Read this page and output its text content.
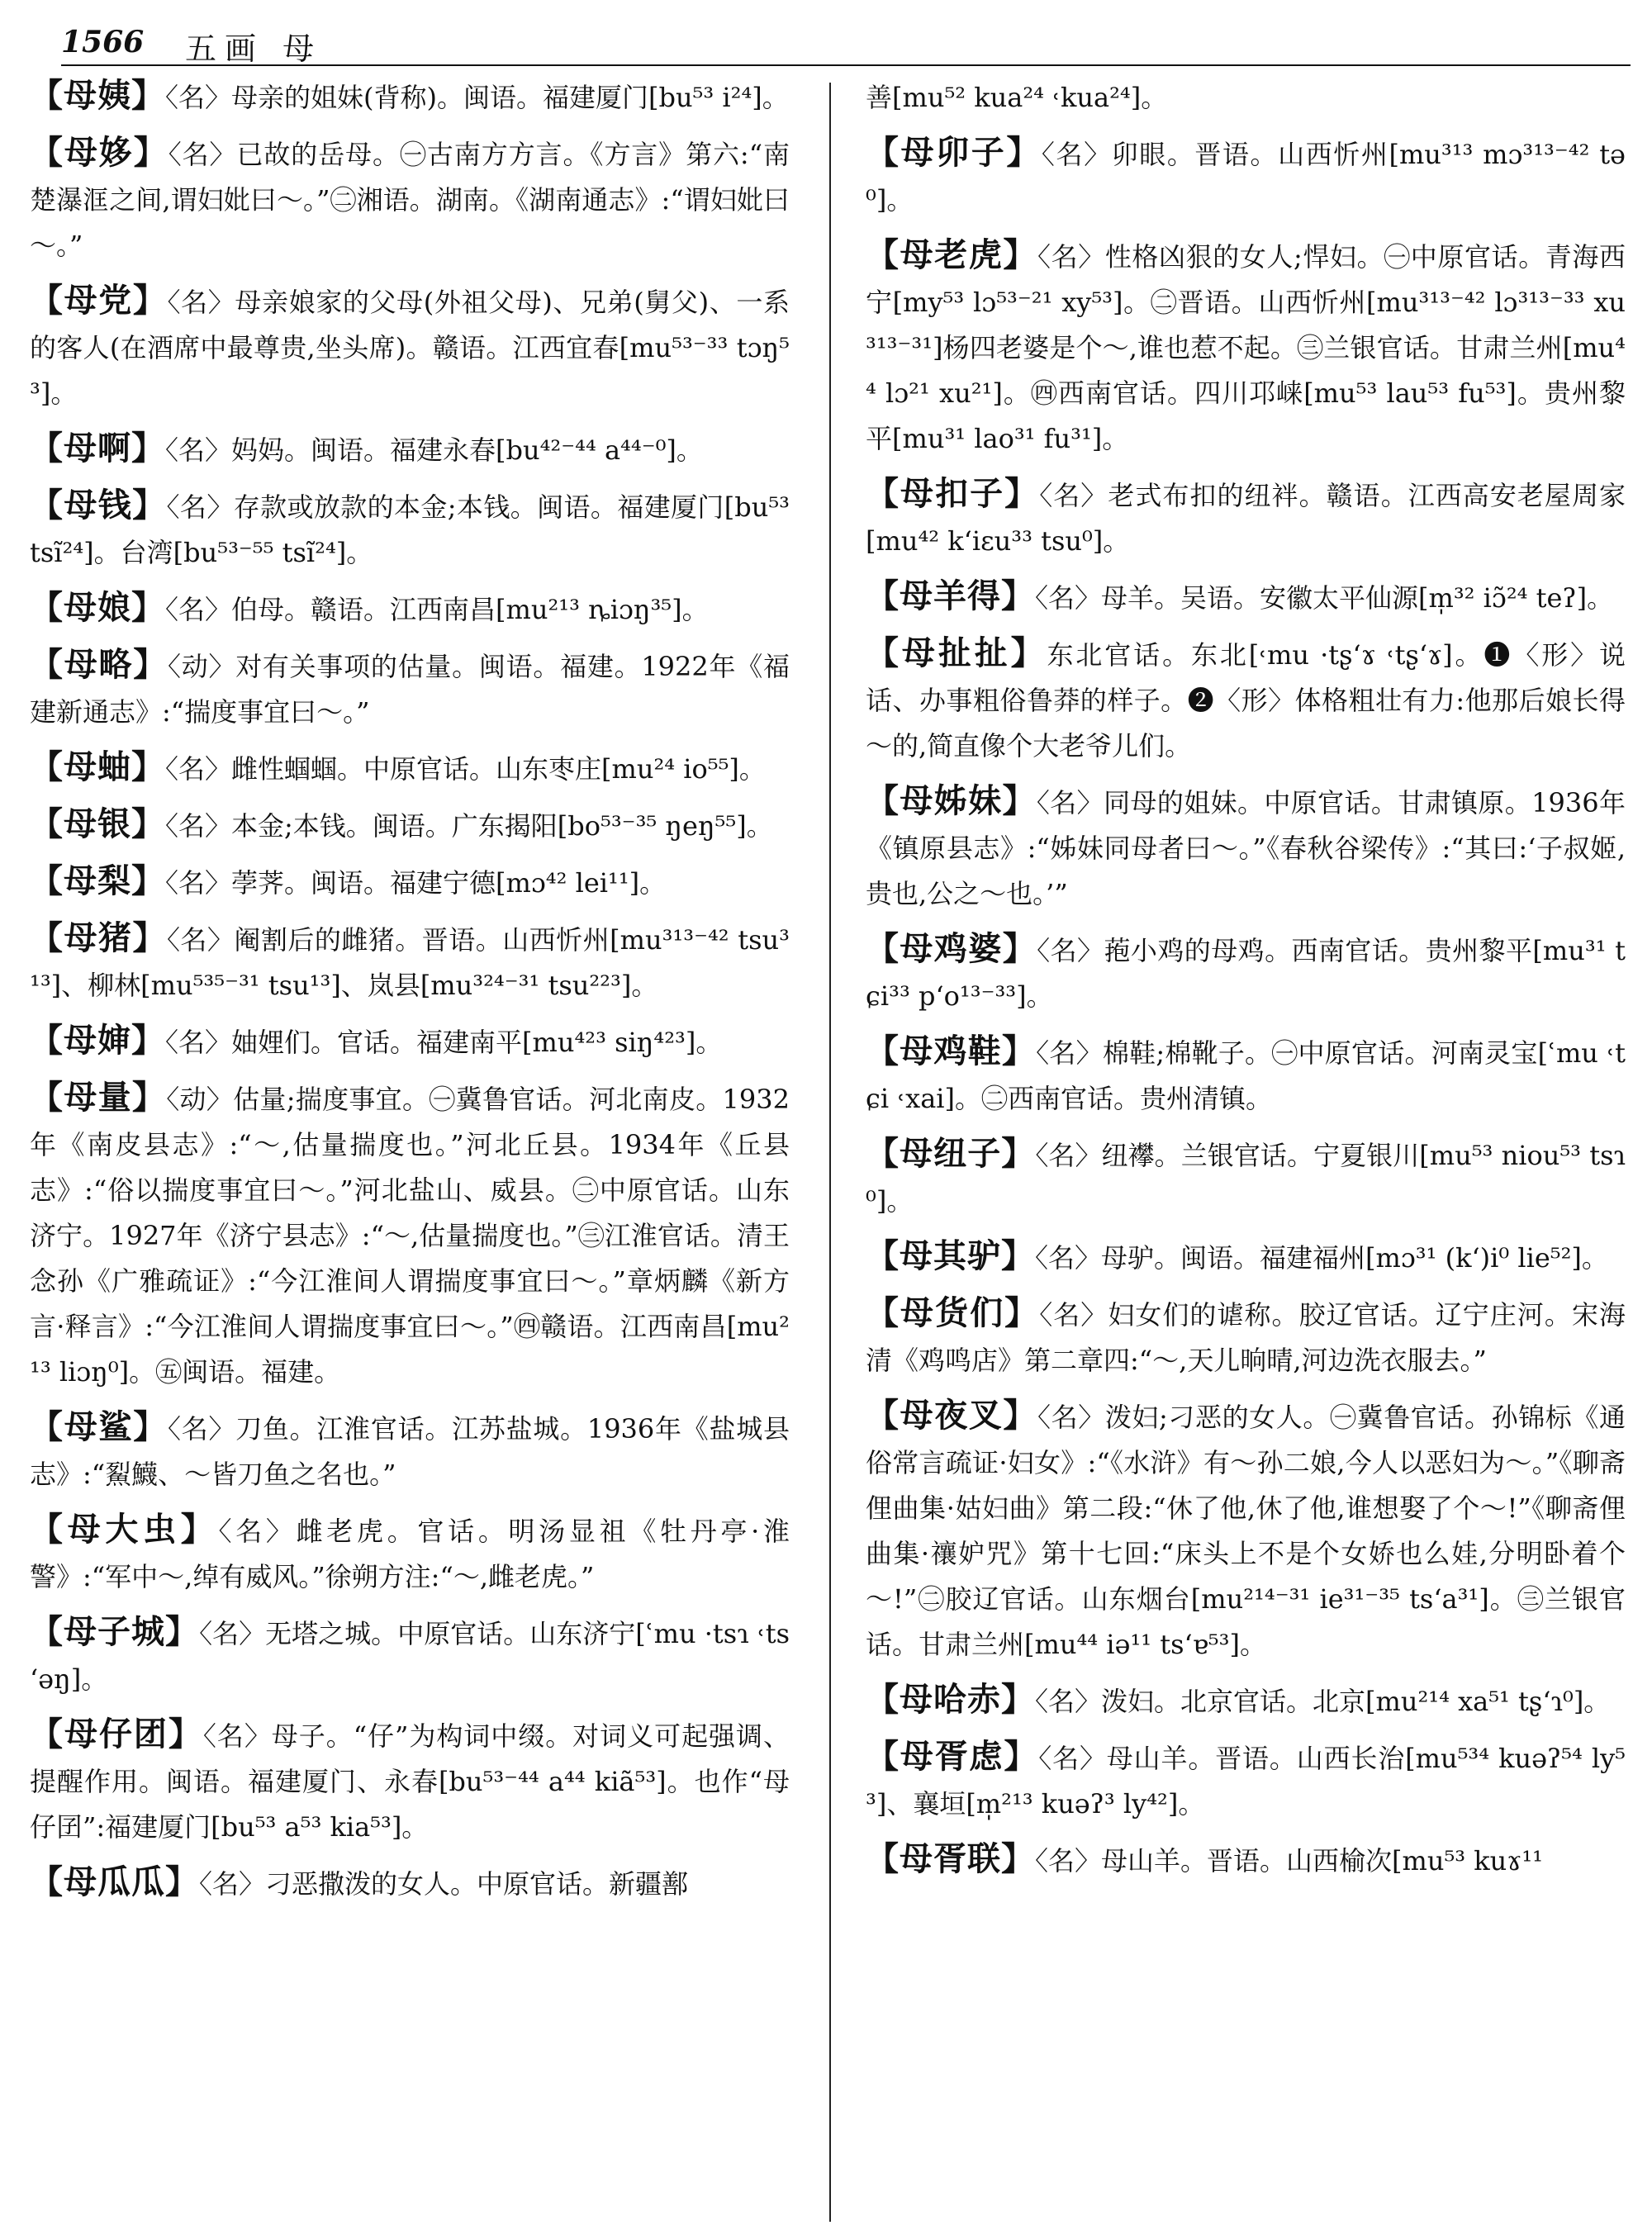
1566 五画 母
【母姨】〈名〉母亲的姐妹(背称)。闽语。福建厦门[bu⁵³ i²⁴]。
【母姼】〈名〉已故的岳母。㊀古南方方言。《方言》第六:“南楚瀑洭之间,谓妇妣曰～。”㊁湘语。湖南。《湖南通志》:“谓妇妣曰～。”
【母党】〈名〉母亲娘家的父母(外祖父母)、兄弟(舅父)、一系的客人(在酒席中最尊贵,坐头席)。赣语。江西宜春[mu⁵³⁻³³ tɔŋ⁵³]。
【母啊】〈名〉妈妈。闽语。福建永春[bu⁴²⁻⁴⁴ a⁴⁴⁻⁰]。
【母钱】〈名〉存款或放款的本金;本钱。闽语。福建厦门[bu⁵³ tsĩ²⁴]。台湾[bu⁵³⁻⁵⁵ tsĩ²⁴]。
【母娘】〈名〉伯母。赣语。江西南昌[mu²¹³ ȵiɔŋ³⁵]。
【母略】〈动〉对有关事项的估量。闽语。福建。1922年《福建新通志》:“揣度事宜曰～。”
【母蚰】〈名〉雌性蝈蝈。中原官话。山东枣庄[mu²⁴ io⁵⁵]。
【母银】〈名〉本金;本钱。闽语。广东揭阳[bo⁵³⁻³⁵ ŋeŋ⁵⁵]。
【母梨】〈名〉荸荠。闽语。福建宁德[mɔ⁴² lei¹¹]。
【母猪】〈名〉阉割后的雌猪。晋语。山西忻州[mu³¹³⁻⁴² tsu³¹³]、柳林[mu⁵³⁵⁻³¹ tsu¹³]、岚县[mu³²⁴⁻³¹ tsu²²³]。
【母婶】〈名〉妯娌们。官话。福建南平[mu⁴²³ siŋ⁴²³]。
【母量】〈动〉估量;揣度事宜。㊀冀鲁官话。河北南皮。1932年《南皮县志》:“～,估量揣度也。”河北丘县。1934年《丘县志》:“俗以揣度事宜曰～。”河北盐山、威县。㊁中原官话。山东济宁。1927年《济宁县志》:“～,估量揣度也。”㊂江淮官话。清王念孙《广雅疏证》:“今江淮间人谓揣度事宜曰～。”章炳麟《新方言·释言》:“今江淮间人谓揣度事宜曰～。”㊃赣语。江西南昌[mu²¹³ liɔŋ⁰]。㊄闽语。福建。
【母鲨】〈名〉刀鱼。江淮官话。江苏盐城。1936年《盐城县志》:“鮤鱴、～皆刀鱼之名也。”
【母大虫】〈名〉雌老虎。官话。明汤显祖《牡丹亭·淮警》:“军中～,绰有威风。”徐朔方注:“～,雌老虎。”
【母子城】〈名〉无塔之城。中原官话。山东济宁[ʿmu ·tsɿ ˓tsʻəŋ]。
【母仔团】〈名〉母子。“仔”为构词中缀。对词义可起强调、提醒作用。闽语。福建厦门、永春[bu⁵³⁻⁴⁴ a⁴⁴ kiã⁵³]。也作“母仔囝”:福建厦门[bu⁵³ a⁵³ kia⁵³]。
【母瓜瓜】〈名〉刁恶撒泼的女人。中原官话。新疆鄯
善[mu⁵² kua²⁴ ˓kua²⁴]。
【母卯子】〈名〉卯眼。晋语。山西忻州[mu³¹³ mɔ³¹³⁻⁴² tə⁰]。
【母老虎】〈名〉性格凶狠的女人;悍妇。㊀中原官话。青海西宁[my⁵³ lɔ⁵³⁻²¹ xy⁵³]。㊁晋语。山西忻州[mu³¹³⁻⁴² lɔ³¹³⁻³³ xu³¹³⁻³¹]杨四老婆是个～,谁也惹不起。㊂兰银官话。甘肃兰州[mu⁴⁴ lɔ²¹ xu²¹]。㊃西南官话。四川邛崃[mu⁵³ lau⁵³ fu⁵³]。贵州黎平[mu³¹ lao³¹ fu³¹]。
【母扣子】〈名〉老式布扣的纽袢。赣语。江西高安老屋周家[mu⁴² kʻiɛu³³ tsu⁰]。
【母羊得】〈名〉母羊。吴语。安徽太平仙源[m̩³² iɔ̃²⁴ teʔ]。
【母扯扯】东北官话。东北[˓mu ·tʂʻɤ ˓tʂʻɤ]。❶〈形〉说话、办事粗俗鲁莽的样子。❷〈形〉体格粗壮有力:他那后娘长得～的,简直像个大老爷儿们。
【母姊妹】〈名〉同母的姐妹。中原官话。甘肃镇原。1936年《镇原县志》:“姊妹同母者曰～。”《春秋谷梁传》:“其曰:‘子叔姬,贵也,公之～也。’”
【母鸡婆】〈名〉菢小鸡的母鸡。西南官话。贵州黎平[mu³¹ tɕi³³ pʻo¹³⁻³³]。
【母鸡鞋】〈名〉棉鞋;棉靴子。㊀中原官话。河南灵宝[ʿmu ˓tɕi ˓xai]。㊁西南官话。贵州清镇。
【母纽子】〈名〉纽襻。兰银官话。宁夏银川[mu⁵³ niou⁵³ tsɿ⁰]。
【母其驴】〈名〉母驴。闽语。福建福州[mɔ³¹ (kʻ)i⁰ lie⁵²]。
【母货们】〈名〉妇女们的谑称。胶辽官话。辽宁庄河。宋海清《鸡鸣店》第二章四:“～,天儿晌晴,河边洗衣服去。”
【母夜叉】〈名〉泼妇;刁恶的女人。㊀冀鲁官话。孙锦标《通俗常言疏证·妇女》:“《水浒》有～孙二娘,今人以恶妇为～。”《聊斋俚曲集·姑妇曲》第二段:“休了他,休了他,谁想娶了个～!”《聊斋俚曲集·禳妒咒》第十七回:“床头上不是个女娇也么娃,分明卧着个～!”㊁胶辽官话。山东烟台[mu²¹⁴⁻³¹ ie³¹⁻³⁵ tsʻa³¹]。㊂兰银官话。甘肃兰州[mu⁴⁴ iə¹¹ tsʻɐ⁵³]。
【母哈赤】〈名〉泼妇。北京官话。北京[mu²¹⁴ xa⁵¹ tʂʻɿ⁰]。
【母胥虑】〈名〉母山羊。晋语。山西长治[mu⁵³⁴ kuəʔ⁵⁴ ly⁵³]、襄垣[m̩²¹³ kuəʔ³ ly⁴²]。
【母胥联】〈名〉母山羊。晋语。山西榆次[mu⁵³ kuɤ¹¹
